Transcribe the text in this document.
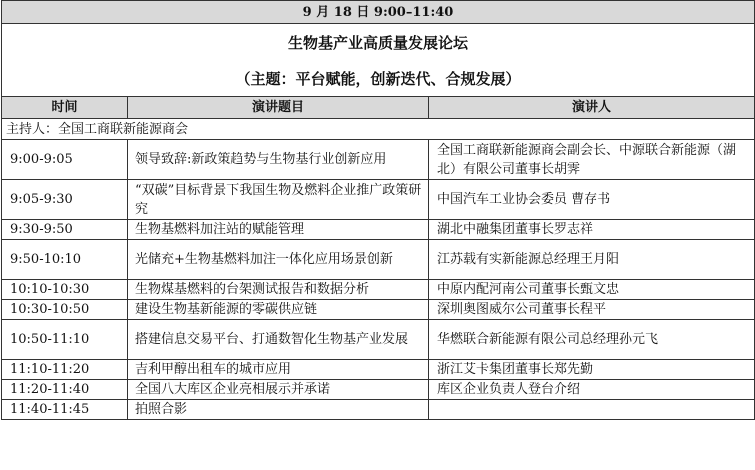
9 月 18 日 9:00–11:40		

生物基产业高质量发展论坛
（主题：平台赋能，创新迭代、合规发展）		

时间	演讲题目	演讲人
主持人：全国工商联新能源商会		
9:00-9:05	领导致辞:新政策趋势与生物基行业创新应用	全国工商联新能源商会副会长、中源联合新能源（湖北）有限公司董事长胡霁
9:05-9:30	“双碳”目标背景下我国生物及燃料企业推广政策研究	中国汽车工业协会委员 曹存书
9:30-9:50	生物基燃料加注站的赋能管理	湖北中融集团董事长罗志祥
9:50-10:10	光储充+生物基燃料加注一体化应用场景创新	江苏载有实新能源总经理王月阳
10:10-10:30	生物煤基燃料的台架测试报告和数据分析	中原内配河南公司董事长甄文忠
10:30-10:50	建设生物基新能源的零碳供应链	深圳奥图威尔公司董事长程平
10:50-11:10	搭建信息交易平台、打通数智化生物基产业发展	华燃联合新能源有限公司总经理孙元飞
11:10-11:20	吉利甲醇出租车的城市应用	浙江艾卡集团董事长郑先勤
11:20-11:40	全国八大库区企业亮相展示并承诺	库区企业负责人登台介绍
11:40-11:45	拍照合影	
